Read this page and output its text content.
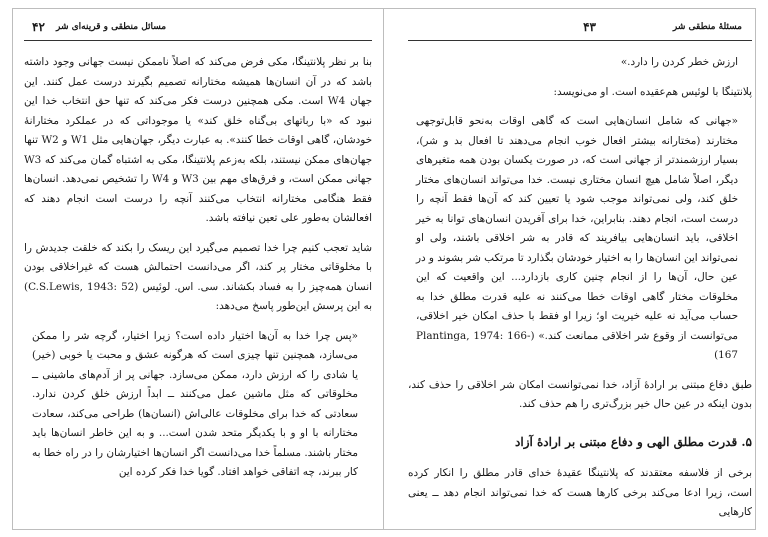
۴۲ مسائل منطقی و قرینه‌ای شر

بنا بر نظر پلانتینگا، مکی فرض می‌کند که اصلاً ناممکن نیست جهانی وجود داشته باشد که در آن انسان‌ها همیشه مختارانه تصمیم بگیرند درست عمل کنند. این جهان W4 است. مکی همچنین درست فکر می‌کند که تنها حق انتخاب خدا این نبود که «با رباتهای بی‌گناه خلق کند» یا موجوداتی که در عملکرد مختارانهٔ خودشان، گاهی اوقات خطا کنند». به عبارت دیگر، جهان‌هایی مثل W1 و W2 تنها جهان‌های ممکن نیستند، بلکه به‌زعم پلانتینگا، مکی به اشتباه گمان می‌کند که W3 جهانی ممکن است، و فرق‌های مهم بین W3 و W4 را تشخیص نمی‌دهد. انسان‌ها فقط هنگامی مختارانه انتخاب می‌کنند آنچه را درست است انجام دهند که افعالشان به‌طور علی تعین نیافته باشد.

شاید تعجب کنیم چرا خدا تصمیم می‌گیرد این ریسک را بکند که خلقت جدیدش را با مخلوقاتی مختار پر کند، اگر می‌دانست احتمالش هست که غیراخلاقی بودن انسان همه‌چیز را به فساد بکشاند. سی. اس. لوئیس (52 :C.S.Lewis, 1943) به این پرسش این‌طور پاسخ می‌دهد:

«پس چرا خدا به آن‌ها اختیار داده است؟ زیرا اختیار، گرچه شر را ممکن می‌سازد، همچنین تنها چیزی است که هرگونه عشق و محبت یا خوبی (خیر) یا شادی را که ارزش دارد، ممکن می‌سازد. جهانی پر از آدم‌های ماشینی ــ مخلوقاتی که مثل ماشین عمل می‌کنند ــ ابداً ارزش خلق کردن ندارد. سعادتی که خدا برای مخلوقات عالی‌اش (انسان‌ها) طراحی می‌کند، سعادت مختارانه با او و با یکدیگر متحد شدن است... و به این خاطر انسان‌ها باید مختار باشند. مسلماً خدا می‌دانست اگر انسان‌ها اختیارشان را در راه خطا به کار ببرند، چه اتفاقی خواهد افتاد. گویا خدا فکر کرده این

۴۳	مسئلهٔ منطقی شر

ارزش خطر کردن را دارد.»

پلانتینگا با لوئیس هم‌عقیده است. او می‌نویسد:

«جهانی که شامل انسان‌هایی است که گاهی اوقات به‌نحو قابل‌توجهی مختارند (مختارانه بیشتر افعال خوب انجام می‌دهند تا افعال بد و شر)، بسیار ارزشمندتر از جهانی است که، در صورت یکسان بودن همه متغیرهای دیگر، اصلاً شامل هیچ انسان مختاری نیست. خدا می‌تواند انسان‌های مختار خلق کند، ولی نمی‌تواند موجب شود یا تعیین کند که آن‌ها فقط آنچه را درست است، انجام دهند. بنابراین، خدا برای آفریدن انسان‌های توانا به خیر اخلاقی، باید انسان‌هایی بیافریند که قادر به شر اخلاقی باشند، ولی او نمی‌تواند این انسان‌ها را به اختیار خودشان بگذارد تا مرتکب شر بشوند و در عین حال، آن‌ها را از انجام چنین کاری بازدارد... این واقعیت که این مخلوقات مختار گاهی اوقات خطا می‌کنند نه علیه قدرت مطلق خدا به حساب می‌آید نه علیه خیریت او؛ زیرا او فقط با حذف امکان خیر اخلاقی، می‌توانست از وقوع شر اخلاقی ممانعت کند.» (Plantinga, 1974: 166-167)

طبق دفاع مبتنی بر ارادهٔ آزاد، خدا نمی‌توانست امکان شر اخلاقی را حذف کند، بدون اینکه در عین حال خیر بزرگ‌تری را هم حذف کند.

۵. قدرت مطلق الهی و دفاع مبتنی بر ارادهٔ آزاد

برخی از فلاسفه معتقدند که پلانتینگا عقیدهٔ خدای قادر مطلق را انکار کرده است، زیرا ادعا می‌کند برخی کارها هست که خدا نمی‌تواند انجام دهد ــ یعنی کارهایی
